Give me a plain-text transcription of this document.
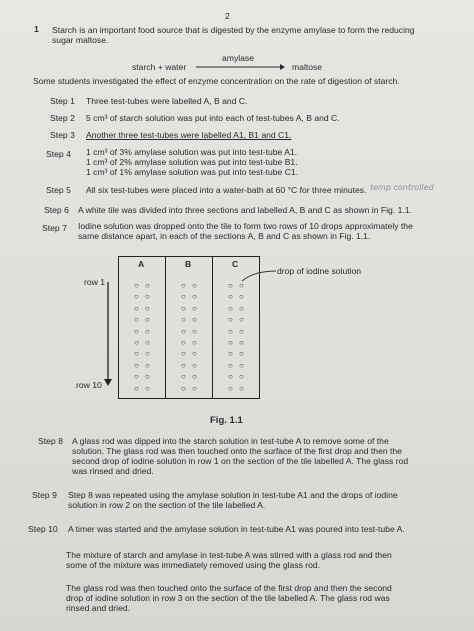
2
1 Starch is an important food source that is digested by the enzyme amylase to form the reducing
sugar maltose.
amylase
starch + water	maltose
Some students investigated the effect of enzyme concentration on the rate of digestion of starch.
Step 1 Three test-tubes were labelled A, B and C.
Step 2 5 cm³ of starch solution was put into each of test-tubes A, B and C.
Step 3 Another three test-tubes were labelled A1, B1 and C1.
Step 4 1 cm³ of 3% amylase solution was put into test-tube A1.
1 cm³ of 2% amylase solution was put into test-tube B1.
1 cm³ of 1% amylase solution was put into test-tube C1.
Step 5 All six test-tubes were placed into a water-bath at 60 °C for three minutes. temp controlled
Step 6 A white tile was divided into three sections and labelled A, B and C as shown in Fig. 1.1.
Step 7 Iodine solution was dropped onto the tile to form two rows of 10 drops approximately the
same distance apart, in each of the sections A, B and C as shown in Fig. 1.1.
A	B	C
○ ○
○ ○
○ ○
○ ○
○ ○
○ ○
○ ○
○ ○
○ ○
○ ○
○ ○
○ ○
○ ○
○ ○
○ ○
○ ○
○ ○
○ ○
○ ○
○ ○
○ ○
○ ○
○ ○
○ ○
○ ○
○ ○
○ ○
○ ○
○ ○
○ ○
row 1
row 10
drop of iodine solution
Fig. 1.1
Step 8 A glass rod was dipped into the starch solution in test-tube A to remove some of the
solution. The glass rod was then touched onto the surface of the first drop and then the
second drop of iodine solution in row 1 on the section of the tile labelled A. The glass rod
was rinsed and dried.
Step 9 Step 8 was repeated using the amylase solution in test-tube A1 and the drops of iodine
solution in row 2 on the section of the tile labelled A.
Step 10 A timer was started and the amylase solution in test-tube A1 was poured into test-tube A.
The mixture of starch and amylase in test-tube A was stirred with a glass rod and then
some of the mixture was immediately removed using the glass rod.
The glass rod was then touched onto the surface of the first drop and then the second
drop of iodine solution in row 3 on the section of the tile labelled A. The glass rod was
rinsed and dried.
